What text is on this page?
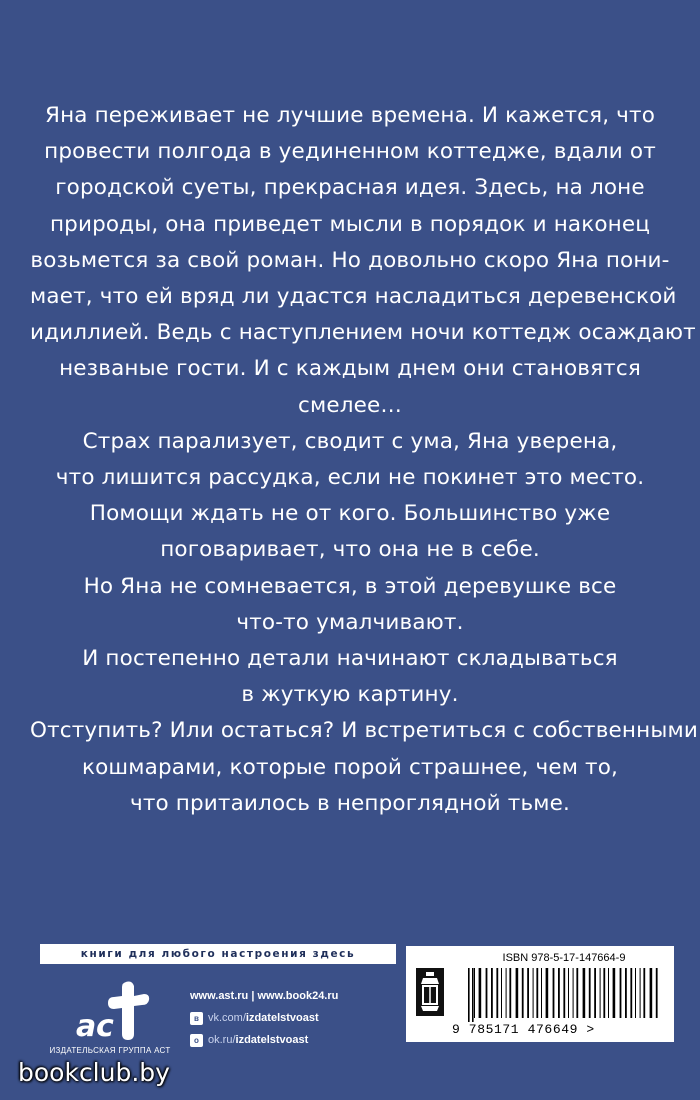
Яна переживает не лучшие времена. И кажется, что
провести полгода в уединенном коттедже, вдали от
городской суеты, прекрасная идея. Здесь, на лоне
природы, она приведет мысли в порядок и наконец
возьмется за свой роман. Но довольно скоро Яна пони-
мает, что ей вряд ли удастся насладиться деревенской
идиллией. Ведь с наступлением ночи коттедж осаждают
незваные гости. И с каждым днем они становятся
смелее…
Страх парализует, сводит с ума, Яна уверена,
что лишится рассудка, если не покинет это место.
Помощи ждать не от кого. Большинство уже
поговаривает, что она не в себе.
Но Яна не сомневается, в этой деревушке все
что-то умалчивают.
И постепенно детали начинают складываться
в жуткую картину.
Отступить? Или остаться? И встретиться с собственными
кошмарами, которые порой страшнее, чем то,
что притаилось в непроглядной тьме.
книги для любого настроения здесь
a c
ИЗДАТЕЛЬСКАЯ ГРУППА АСТ
www.ast.ru | www.book24.ru
в vk.com/ izdatelstvoast
o ok.ru/ izdatelstvoast
ISBN 978-5-17-147664-9
9 785171 476649 >
bookclub.by
